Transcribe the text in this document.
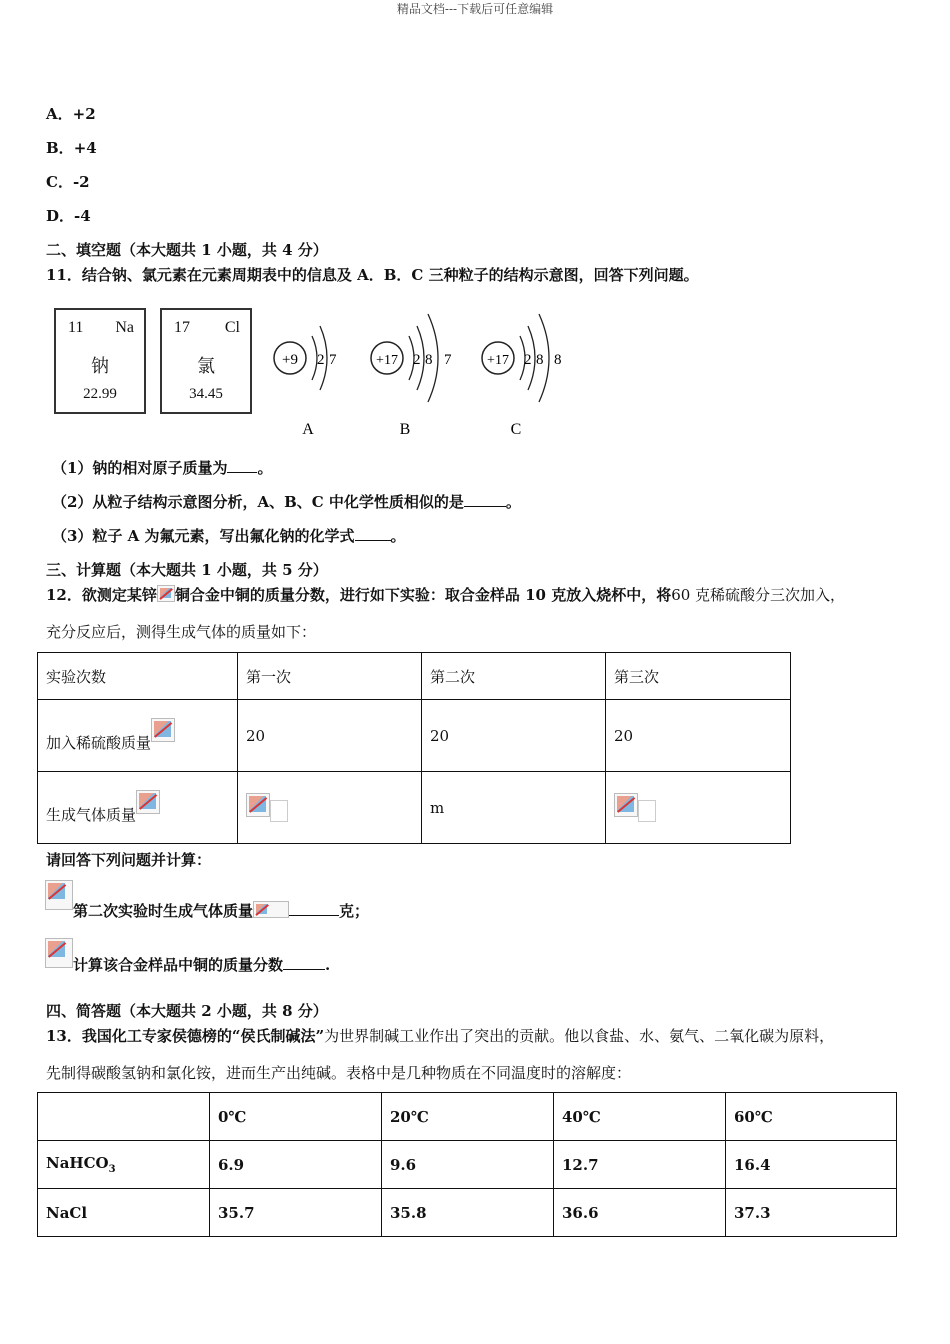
精品文档---下载后可任意编辑
A．+2
B．+4
C．-2
D．-4
二、填空题（本大题共 1 小题，共 4 分）
11．结合钠、氯元素在元素周期表中的信息及 A．B．C 三种粒子的结构示意图，回答下列问题。
11 Na
钠
22.99
17 Cl
氯
34.45
+9 2 7
A
+17 2 8 7
B
+17 2 8 8
C
（1）钠的相对原子质量为 。
（2）从粒子结构示意图分析，A、B、C 中化学性质相似的是	。
（3）粒子 A 为氟元素，写出氟化钠的化学式 。
三、计算题（本大题共 1 小题，共 5 分）
12．欲测定某锌 铜合金中铜的质量分数，进行如下实验：取合金样品 10 克放入烧杯中，将60 克稀硫酸分三次加入，
充分反应后，测得生成气体的质量如下：
实验次数	第一次	第二次	第三次
加入稀硫酸质量	20	20	20
生成气体质量		m	
请回答下列问题并计算：
第二次实验时生成气体质量	克；
计算该合金样品中铜的质量分数	.
四、简答题（本大题共 2 小题，共 8 分）
13．我国化工专家侯德榜的“侯氏制碱法”为世界制碱工业作出了突出的贡献。他以食盐、水、氨气、二氧化碳为原料，
先制得碳酸氢钠和氯化铵，进而生产出纯碱。表格中是几种物质在不同温度时的溶解度：
	0℃	20℃	40℃	60℃
NaHCO$_3$	6.9	9.6	12.7	16.4
NaCl	35.7	35.8	36.6	37.3
